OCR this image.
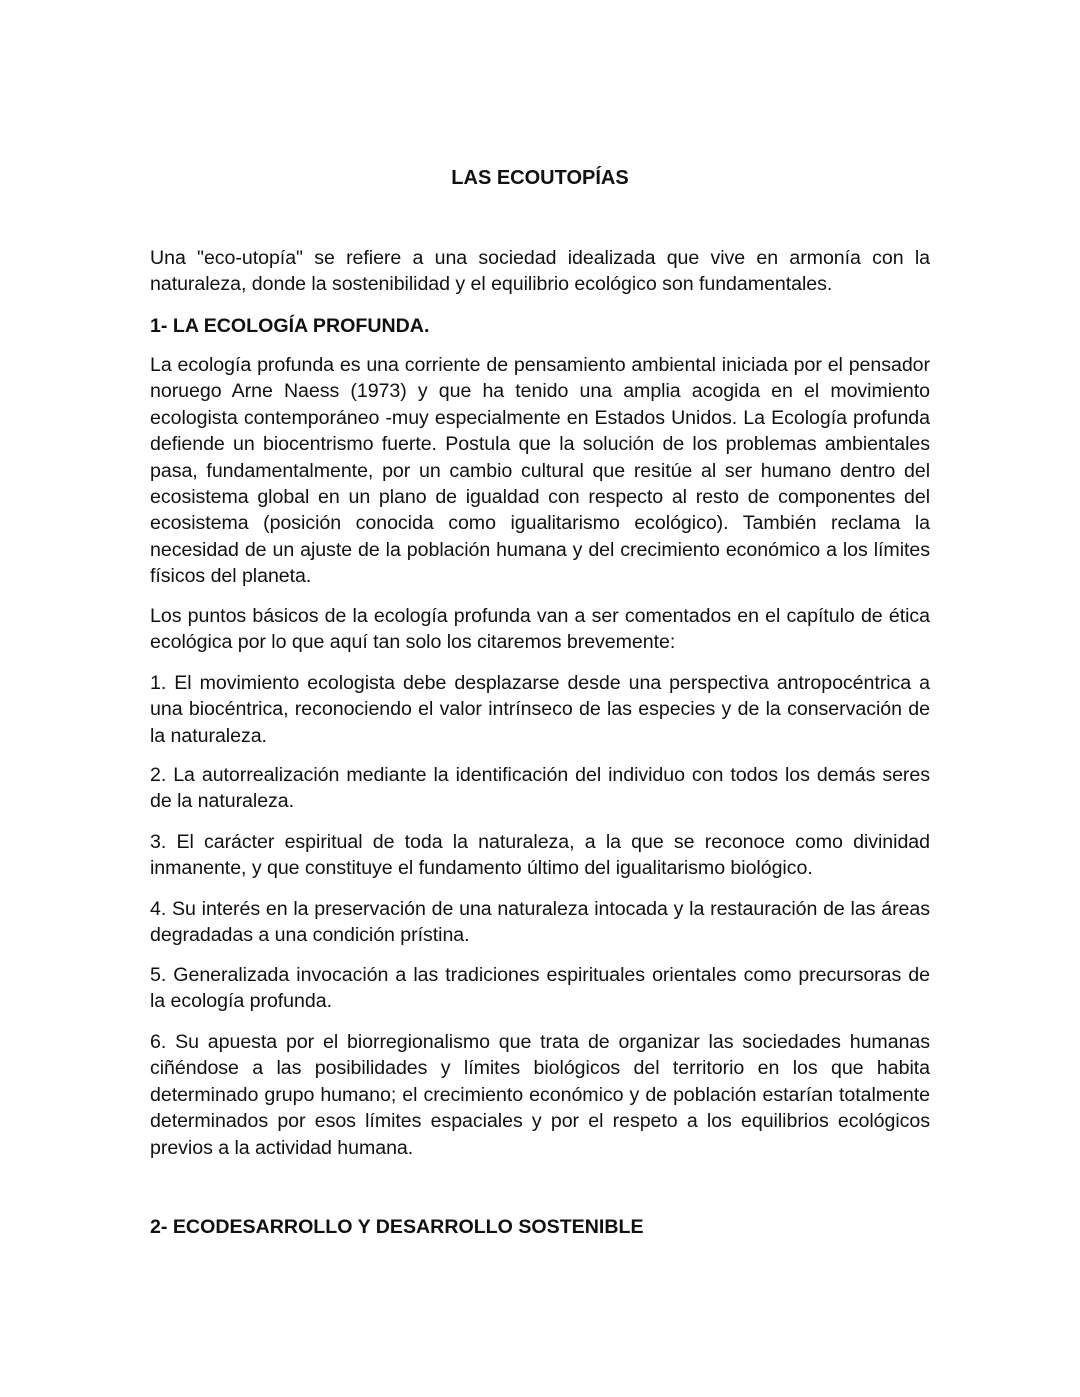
LAS ECOUTOPÍAS

Una "eco-utopía" se refiere a una sociedad idealizada que vive en armonía con la naturaleza, donde la sostenibilidad y el equilibrio ecológico son fundamentales.

1- LA ECOLOGÍA PROFUNDA.

La ecología profunda es una corriente de pensamiento ambiental iniciada por el pensador noruego Arne Naess (1973) y que ha tenido una amplia acogida en el movimiento ecologista contemporáneo -muy especialmente en Estados Unidos. La Ecología profunda defiende un biocentrismo fuerte. Postula que la solución de los problemas ambientales pasa, fundamentalmente, por un cambio cultural que resitúe al ser humano dentro del ecosistema global en un plano de igualdad con respecto al resto de componentes del ecosistema (posición conocida como igualitarismo ecológico). También reclama la necesidad de un ajuste de la población humana y del crecimiento económico a los límites físicos del planeta.

Los puntos básicos de la ecología profunda van a ser comentados en el capítulo de ética ecológica por lo que aquí tan solo los citaremos brevemente:

1. El movimiento ecologista debe desplazarse desde una perspectiva antropocéntrica a una biocéntrica, reconociendo el valor intrínseco de las especies y de la conservación de la naturaleza.

2. La autorrealización mediante la identificación del individuo con todos los demás seres de la naturaleza.

3. El carácter espiritual de toda la naturaleza, a la que se reconoce como divinidad inmanente, y que constituye el fundamento último del igualitarismo biológico.

4. Su interés en la preservación de una naturaleza intocada y la restauración de las áreas degradadas a una condición prístina.

5. Generalizada invocación a las tradiciones espirituales orientales como precursoras de la ecología profunda.

6. Su apuesta por el biorregionalismo que trata de organizar las sociedades humanas ciñéndose a las posibilidades y límites biológicos del territorio en los que habita determinado grupo humano; el crecimiento económico y de población estarían totalmente determinados por esos límites espaciales y por el respeto a los equilibrios ecológicos previos a la actividad humana.

2- ECODESARROLLO Y DESARROLLO SOSTENIBLE
